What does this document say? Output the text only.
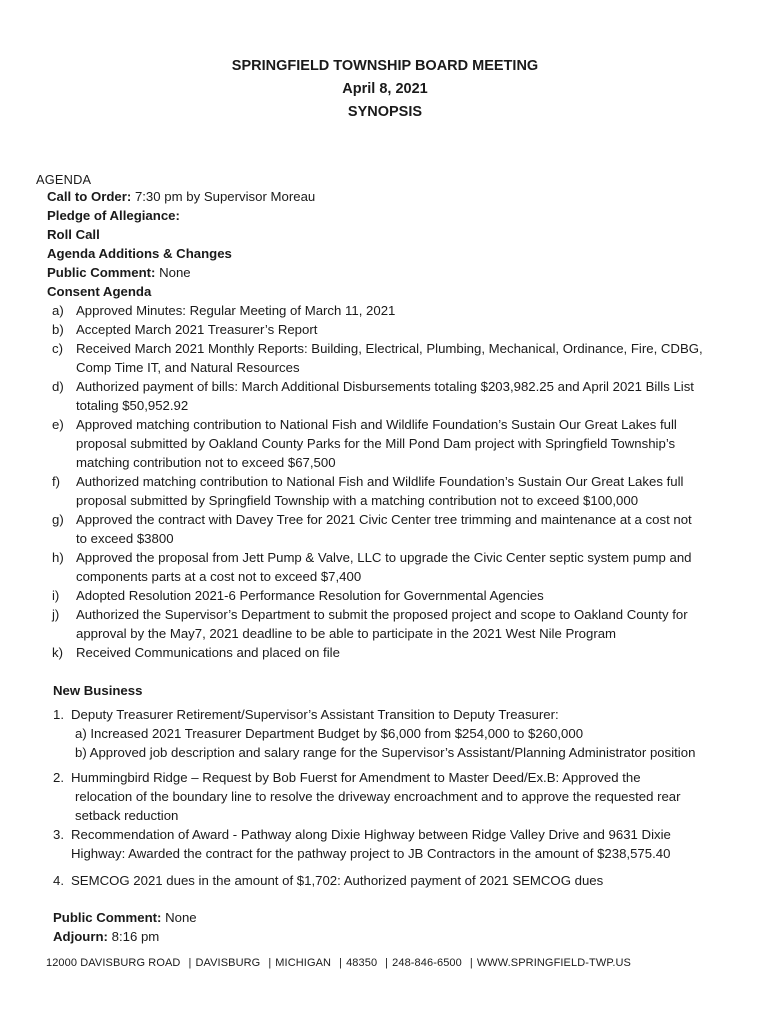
SPRINGFIELD TOWNSHIP BOARD MEETING
April 8, 2021
SYNOPSIS
AGENDA
Call to Order: 7:30 pm by Supervisor Moreau
Pledge of Allegiance:
Roll Call
Agenda Additions & Changes
Public Comment: None
Consent Agenda
a) Approved Minutes: Regular Meeting of March 11, 2021
b) Accepted March 2021 Treasurer’s Report
c) Received March 2021 Monthly Reports: Building, Electrical, Plumbing, Mechanical, Ordinance, Fire, CDBG,
Comp Time IT, and Natural Resources
d) Authorized payment of bills: March Additional Disbursements totaling $203,982.25 and April 2021 Bills List
totaling $50,952.92
e) Approved matching contribution to National Fish and Wildlife Foundation’s Sustain Our Great Lakes full
proposal submitted by Oakland County Parks for the Mill Pond Dam project with Springfield Township’s
matching contribution not to exceed $67,500
f) Authorized matching contribution to National Fish and Wildlife Foundation’s Sustain Our Great Lakes full
proposal submitted by Springfield Township with a matching contribution not to exceed $100,000
g) Approved the contract with Davey Tree for 2021 Civic Center tree trimming and maintenance at a cost not
to exceed $3800
h) Approved the proposal from Jett Pump & Valve, LLC to upgrade the Civic Center septic system pump and
components parts at a cost not to exceed $7,400
i) Adopted Resolution 2021-6 Performance Resolution for Governmental Agencies
j) Authorized the Supervisor’s Department to submit the proposed project and scope to Oakland County for
approval by the May7, 2021 deadline to be able to participate in the 2021 West Nile Program
k) Received Communications and placed on file
New Business
1. Deputy Treasurer Retirement/Supervisor’s Assistant Transition to Deputy Treasurer:
a) Increased 2021 Treasurer Department Budget by $6,000 from $254,000 to $260,000
b) Approved job description and salary range for the Supervisor’s Assistant/Planning Administrator position
2. Hummingbird Ridge – Request by Bob Fuerst for Amendment to Master Deed/Ex.B: Approved the
relocation of the boundary line to resolve the driveway encroachment and to approve the requested rear
setback reduction
3. Recommendation of Award - Pathway along Dixie Highway between Ridge Valley Drive and 9631 Dixie
Highway: Awarded the contract for the pathway project to JB Contractors in the amount of $238,575.40
4. SEMCOG 2021 dues in the amount of $1,702: Authorized payment of 2021 SEMCOG dues
Public Comment: None
Adjourn: 8:16 pm
12000 DAVISBURG ROAD | DAVISBURG | MICHIGAN | 48350 | 248-846-6500 | WWW.SPRINGFIELD-TWP.US
